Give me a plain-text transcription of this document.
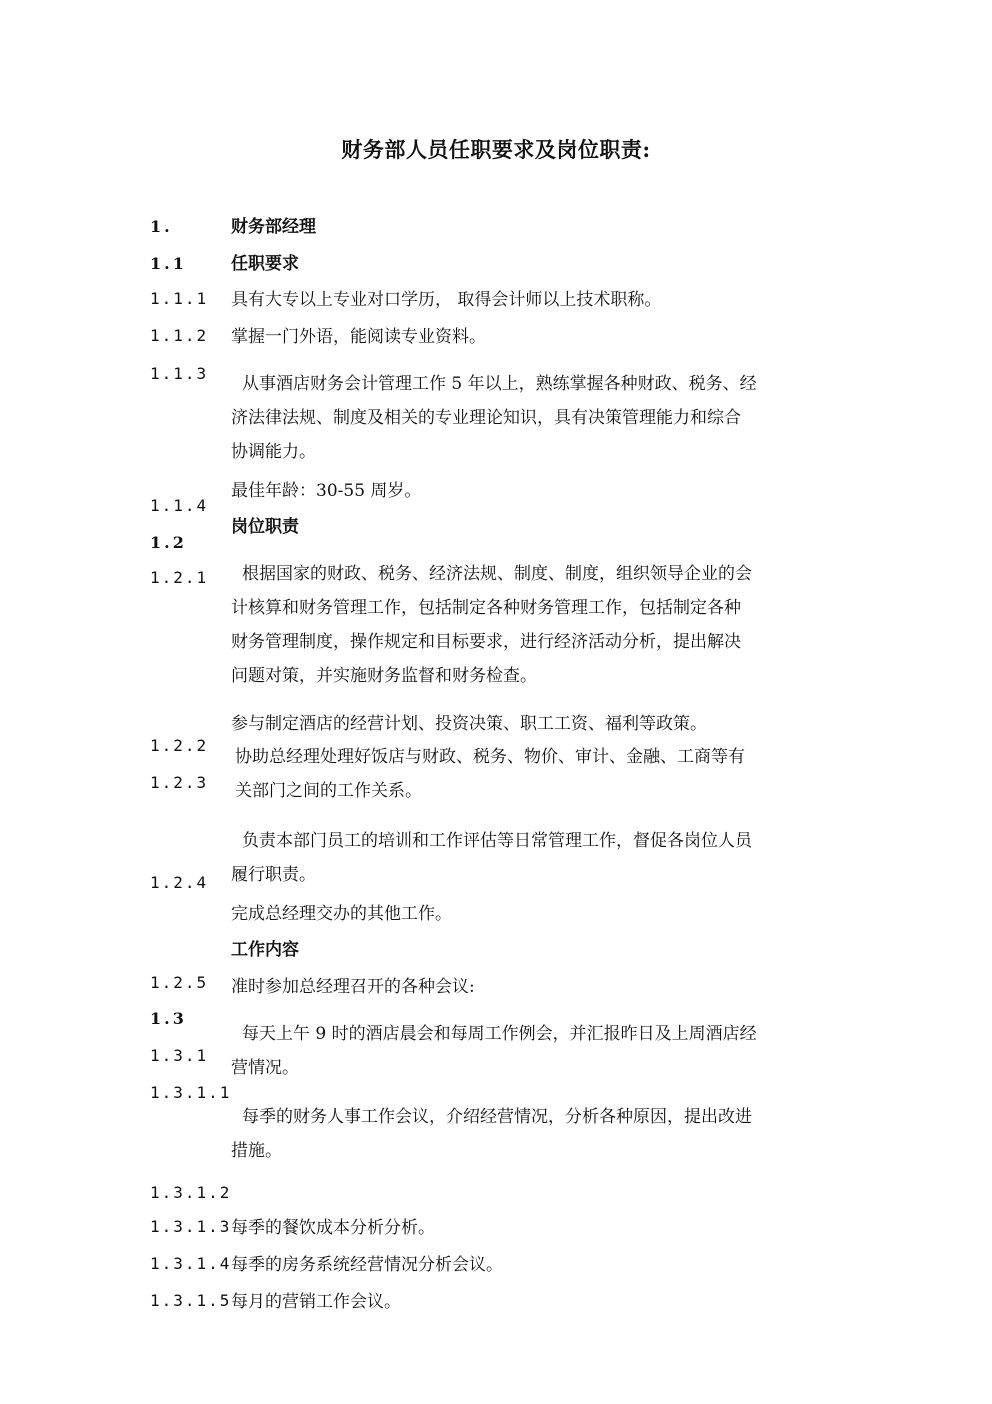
财务部人员任职要求及岗位职责:
1.
1.1
1.1.1
1.1.2
1.1.3
1.1.4
1.2
1.2.1
1.2.2
1.2.3
1.2.4
1.2.5
1.3
1.3.1
1.3.1.1
1.3.1.2
1.3.1.3
1.3.1.4
1.3.1.5
财务部经理
任职要求
具有大专以上专业对口学历， 取得会计师以上技术职称。
掌握一门外语，能阅读专业资料。
从事酒店财务会计管理工作 5 年以上，熟练掌握各种财政、税务、经
济法律法规、制度及相关的专业理论知识，具有决策管理能力和综合
协调能力。
最佳年龄：30-55 周岁。
岗位职责
根据国家的财政、税务、经济法规、制度、制度，组织领导企业的会
计核算和财务管理工作，包括制定各种财务管理工作，包括制定各种
财务管理制度，操作规定和目标要求，进行经济活动分析，提出解决
问题对策，并实施财务监督和财务检查。
参与制定酒店的经营计划、投资决策、职工工资、福利等政策。
协助总经理处理好饭店与财政、税务、物价、审计、金融、工商等有
关部门之间的工作关系。
负责本部门员工的培训和工作评估等日常管理工作，督促各岗位人员
履行职责。
完成总经理交办的其他工作。
工作内容
准时参加总经理召开的各种会议:
每天上午 9 时的酒店晨会和每周工作例会，并汇报昨日及上周酒店经
营情况。
每季的财务人事工作会议，介绍经营情况，分析各种原因，提出改进
措施。
每季的餐饮成本分析分析。
每季的房务系统经营情况分析会议。
每月的营销工作会议。
